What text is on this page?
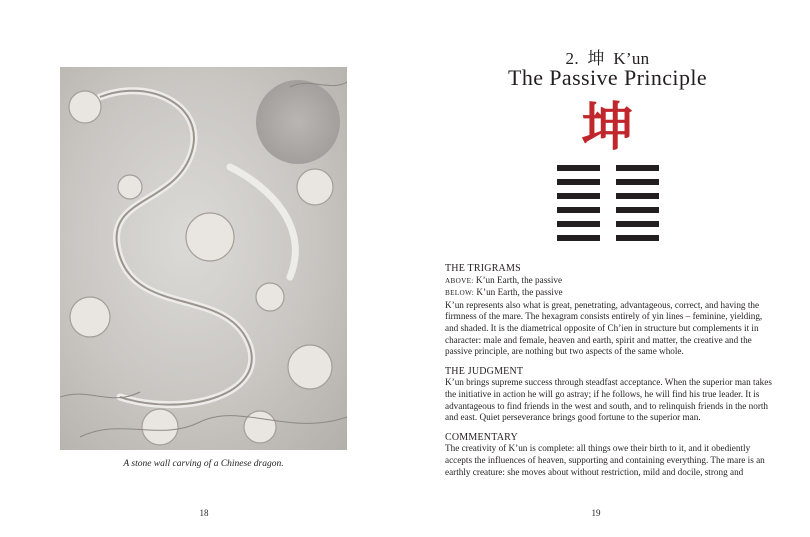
A stone wall carving of a Chinese dragon.
18
2. 坤 K’un
The Passive Principle
坤
THE TRIGRAMS
ABOVE: K’un Earth, the passive
BELOW: K’un Earth, the passive

K’un represents also what is great, penetrating, advantageous, correct, and having the firmness of the mare. The hexagram consists entirely of yin lines – feminine, yielding, and shaded. It is the diametrical opposite of Ch’ien in structure but complements it in character: male and female, heaven and earth, spirit and matter, the creative and the passive principle, are nothing but two aspects of the same whole.

THE JUDGMENT

K’un brings supreme success through steadfast acceptance. When the superior man takes the initiative in action he will go astray; if he follows, he will find his true leader. It is advantageous to find friends in the west and south, and to relinquish friends in the north and east. Quiet perseverance brings good fortune to the superior man.

COMMENTARY

The creativity of K’un is complete: all things owe their birth to it, and it obediently accepts the influences of heaven, supporting and containing everything. The mare is an earthly creature: she moves about without restriction, mild and docile, strong and

19
